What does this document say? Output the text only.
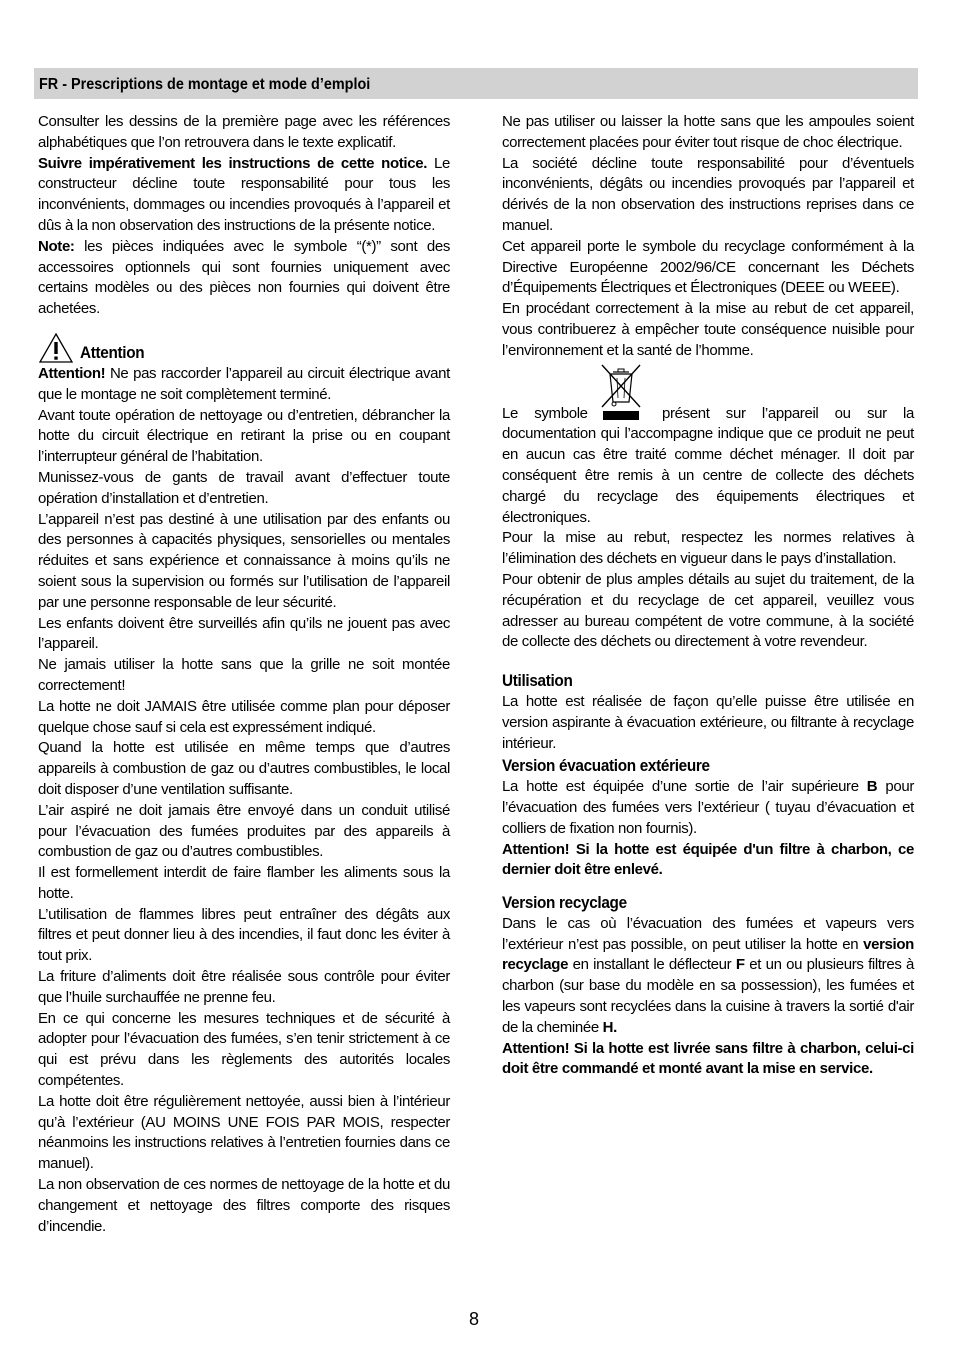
FR - Prescriptions de montage et mode d’emploi

Consulter les dessins de la première page avec les références alphabétiques que l’on retrouvera dans le texte explicatif.

Suivre impérativement les instructions de cette notice. Le constructeur décline toute responsabilité pour tous les inconvénients, dommages ou incendies provoqués à l’appareil et dûs à la non observation des instructions de la présente notice.

Note: les pièces indiquées avec le symbole “(*)” sont des accessoires optionnels qui sont fournies uniquement avec certains modèles ou des pièces non fournies qui doivent être achetées.

Attention

Attention! Ne pas raccorder l’appareil au circuit électrique avant que le montage ne soit complètement terminé.

Avant toute opération de nettoyage ou d’entretien, débrancher la hotte du circuit électrique en retirant la prise ou en coupant l’interrupteur général de l’habitation.

Munissez-vous de gants de travail avant d’effectuer toute opération d’installation et d’entretien.

L’appareil n’est pas destiné à une utilisation par des enfants ou des personnes à capacités physiques, sensorielles ou mentales réduites et sans expérience et connaissance à moins qu’ils ne soient sous la supervision ou formés sur l’utilisation de l’appareil par une personne responsable de leur sécurité.

Les enfants doivent être surveillés afin qu’ils ne jouent pas avec l’appareil.

Ne jamais utiliser la hotte sans que la grille ne soit montée correctement!

La hotte ne doit JAMAIS être utilisée comme plan pour déposer quelque chose sauf si cela est expressément indiqué.

Quand la hotte est utilisée en même temps que d’autres appareils à combustion de gaz ou d’autres combustibles, le local doit disposer d’une ventilation suffisante.

L’air aspiré ne doit jamais être envoyé dans un conduit utilisé pour l’évacuation des fumées produites par des appareils à combustion de gaz ou d’autres combustibles.

Il est formellement interdit de faire flamber les aliments sous la hotte.

L’utilisation de flammes libres peut entraîner des dégâts aux filtres et peut donner lieu à des incendies, il faut donc les éviter à tout prix.

La friture d’aliments doit être réalisée sous contrôle pour éviter que l’huile surchauffée ne prenne feu.

En ce qui concerne les mesures techniques et de sécurité à adopter pour l’évacuation des fumées, s’en tenir strictement à ce qui est prévu dans les règlements des autorités locales compétentes.

La hotte doit être régulièrement nettoyée, aussi bien à l’intérieur qu’à l’extérieur (AU MOINS UNE FOIS PAR MOIS, respecter néanmoins les instructions relatives à l’entretien fournies dans ce manuel).

La non observation de ces normes de nettoyage de la hotte et du changement et nettoyage des filtres comporte des risques d’incendie.

Ne pas utiliser ou laisser la hotte sans que les ampoules soient correctement placées pour éviter tout risque de choc électrique.

La société décline toute responsabilité pour d’éventuels inconvénients, dégâts ou incendies provoqués par l’appareil et dérivés de la non observation des instructions reprises dans ce manuel.

Cet appareil porte le symbole du recyclage conformément à la Directive Européenne 2002/96/CE concernant les Déchets d’Équipements Électriques et Électroniques (DEEE ou WEEE).

En procédant correctement à la mise au rebut de cet appareil, vous contribuerez à empêcher toute conséquence nuisible pour l’environnement et la santé de l’homme.

Le symbole	présent sur l’appareil ou sur la documentation qui l’accompagne indique que ce produit ne peut en aucun cas être traité comme déchet ménager. Il doit par conséquent être remis à un centre de collecte des déchets chargé du recyclage des équipements électriques et électroniques.

Pour la mise au rebut, respectez les normes relatives à l’élimination des déchets en vigueur dans le pays d’installation.

Pour obtenir de plus amples détails au sujet du traitement, de la récupération et du recyclage de cet appareil, veuillez vous adresser au bureau compétent de votre commune, à la société de collecte des déchets ou directement à votre revendeur.

Utilisation

La hotte est réalisée de façon qu’elle puisse être utilisée en version aspirante à évacuation extérieure, ou filtrante à recyclage intérieur.

Version évacuation extérieure

La hotte est équipée d’une sortie de l’air supérieure B pour l’évacuation des fumées vers l’extérieur ( tuyau d’évacuation et colliers de fixation non fournis).

Attention! Si la hotte est équipée d'un filtre à charbon, ce dernier doit être enlevé.

Version recyclage

Dans le cas où l’évacuation des fumées et vapeurs vers l’extérieur n’est pas possible, on peut utiliser la hotte en version recyclage en installant le déflecteur F et un ou plusieurs filtres à charbon (sur base du modèle en sa possession), les fumées et les vapeurs sont recyclées dans la cuisine à travers la sortié d'air de la cheminée H.

Attention! Si la hotte est livrée sans filtre à charbon, celui-ci doit être commandé et monté avant la mise en service.

8
